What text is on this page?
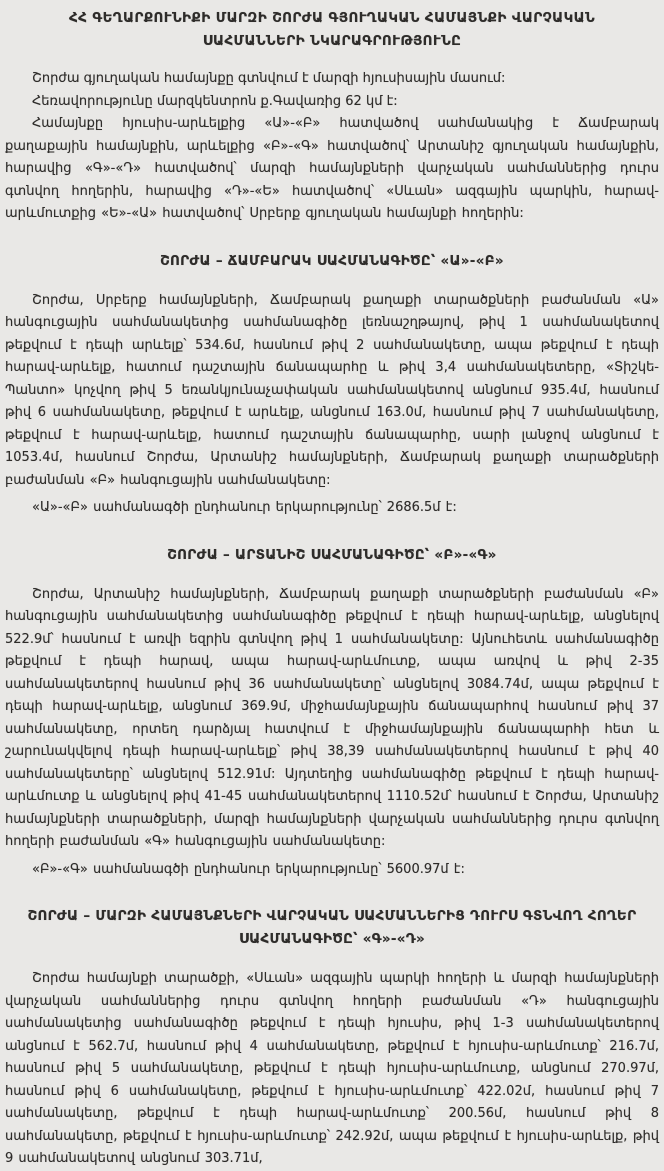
ՀՀ ԳԵՂԱՐՔՈՒՆԻՔԻ ՄԱՐԶԻ ՇՈՐԺԱ ԳՅՈՒՂԱԿԱՆ ՀԱՄԱՅՆՔԻ ՎԱՐՉԱԿԱՆ ՍԱՀՄԱՆՆԵՐԻ ՆԿԱՐԱԳՐՈՒԹՅՈՒՆԸ

Շորժա գյուղական համայնքը գտնվում է մարզի հյուսիսային մասում:

Հեռավորությունը մարզկենտրոն ք.Գավառից 62 կմ է:

Համայնքը հյուսիս-արևելքից «Ա»-«Բ» հատվածով սահմանակից է Ճամբարակ քաղաքային համայնքին, արևելքից «Բ»-«Գ» հատվածով՝ Արտանիշ գյուղական համայնքին, հարավից «Գ»-«Դ» հատվածով՝ մարզի համայնքների վարչական սահմաններից դուրս գտնվող հողերին, հարավից «Դ»-«Ե» հատվածով՝ «Սևան» ազգային պարկին, հարավ-արևմուտքից «Ե»-«Ա» հատվածով՝ Սրբերք գյուղական համայնքի հողերին:

ՇՈՐԺԱ – ՃԱՄԲԱՐԱԿ ՍԱՀՄԱՆԱԳԻԾԸ՝ «Ա»-«Բ»

Շորժա, Սրբերք համայնքների, Ճամբարակ քաղաքի տարածքների բաժանման «Ա» հանգուցային սահմանակետից սահմանագիծը լեռնաշղթայով, թիվ 1 սահմանակետով թեքվում է դեպի արևելք՝ 534.6մ, հասնում թիվ 2 սահմանակետը, ապա թեքվում է դեպի հարավ-արևելք, հատում դաշտային ճանապարհը և թիվ 3,4 սահմանակետերը, «Տիշկե-Պանտո» կոչվող թիվ 5 եռանկյունաչափական սահմանակետով անցնում 935.4մ, հասնում թիվ 6 սահմանակետը, թեքվում է արևելք, անցնում 163.0մ, հասնում թիվ 7 սահմանակետը, թեքվում է հարավ-արևելք, հատում դաշտային ճանապարհը, սարի լանջով անցնում է 1053.4մ, հասնում Շորժա, Արտանիշ համայնքների, Ճամբարակ քաղաքի տարածքների բաժանման «Բ» հանգուցային սահմանակետը:

«Ա»-«Բ» սահմանագծի ընդհանուր երկարությունը՝ 2686.5մ է:

ՇՈՐԺԱ – ԱՐՏԱՆԻՇ ՍԱՀՄԱՆԱԳԻԾԸ՝ «Բ»-«Գ»

Շորժա, Արտանիշ համայնքների, Ճամբարակ քաղաքի տարածքների բաժանման «Բ» հանգուցային սահմանակետից սահմանագիծը թեքվում է դեպի հարավ-արևելք, անցնելով 522.9մ՝ հասնում է առվի եզրին գտնվող թիվ 1 սահմանակետը: Այնուհետև սահմանագիծը թեքվում է դեպի հարավ, ապա հարավ-արևմուտք, ապա առվով և թիվ 2-35 սահմանակետերով հասնում թիվ 36 սահմանակետը՝ անցնելով 3084.74մ, ապա թեքվում է դեպի հարավ-արևելք, անցնում 369.9մ, միջհամայնքային ճանապարհով հասնում թիվ 37 սահմանակետը, որտեղ դարձյալ հատվում է միջհամայնքային ճանապարհի հետ և շարունակվելով դեպի հարավ-արևելք՝ թիվ 38,39 սահմանակետերով հասնում է թիվ 40 սահմանակետերը՝ անցնելով 512.91մ: Այդտեղից սահմանագիծը թեքվում է դեպի հարավ-արևմուտք և անցնելով թիվ 41-45 սահմանակետերով 1110.52մ՝ հասնում է Շորժա, Արտանիշ համայնքների տարածքների, մարզի համայնքների վարչական սահմաններից դուրս գտնվող հողերի բաժանման «Գ» հանգուցային սահմանակետը:

«Բ»-«Գ» սահմանագծի ընդհանուր երկարությունը՝ 5600.97մ է:

ՇՈՐԺԱ – ՄԱՐԶԻ ՀԱՄԱՅՆՔՆԵՐԻ ՎԱՐՉԱԿԱՆ ՍԱՀՄԱՆՆԵՐԻՑ ԴՈՒՐՍ ԳՏՆՎՈՂ ՀՈՂԵՐ ՍԱՀՄԱՆԱԳԻԾԸ՝ «Գ»-«Դ»

Շորժա համայնքի տարածքի, «Սևան» ազգային պարկի հողերի և մարզի համայնքների վարչական սահմաններից դուրս գտնվող հողերի բաժանման «Դ» հանգուցային սահմանակետից սահմանագիծը թեքվում է դեպի հյուսիս, թիվ 1-3 սահմանակետերով անցնում է 562.7մ, հասնում թիվ 4 սահմանակետը, թեքվում է հյուսիս-արևմուտք՝ 216.7մ, հասնում թիվ 5 սահմանակետը, թեքվում է դեպի հյուսիս-արևմուտք, անցնում 270.97մ, հասնում թիվ 6 սահմանակետը, թեքվում է հյուսիս-արևմուտք՝ 422.02մ, հասնում թիվ 7 սահմանակետը, թեքվում է դեպի հարավ-արևմուտք՝ 200.56մ, հասնում թիվ 8 սահմանակետը, թեքվում է հյուսիս-արևմուտք՝ 242.92մ, ապա թեքվում է հյուսիս-արևելք, թիվ 9 սահմանակետով անցնում 303.71մ,
